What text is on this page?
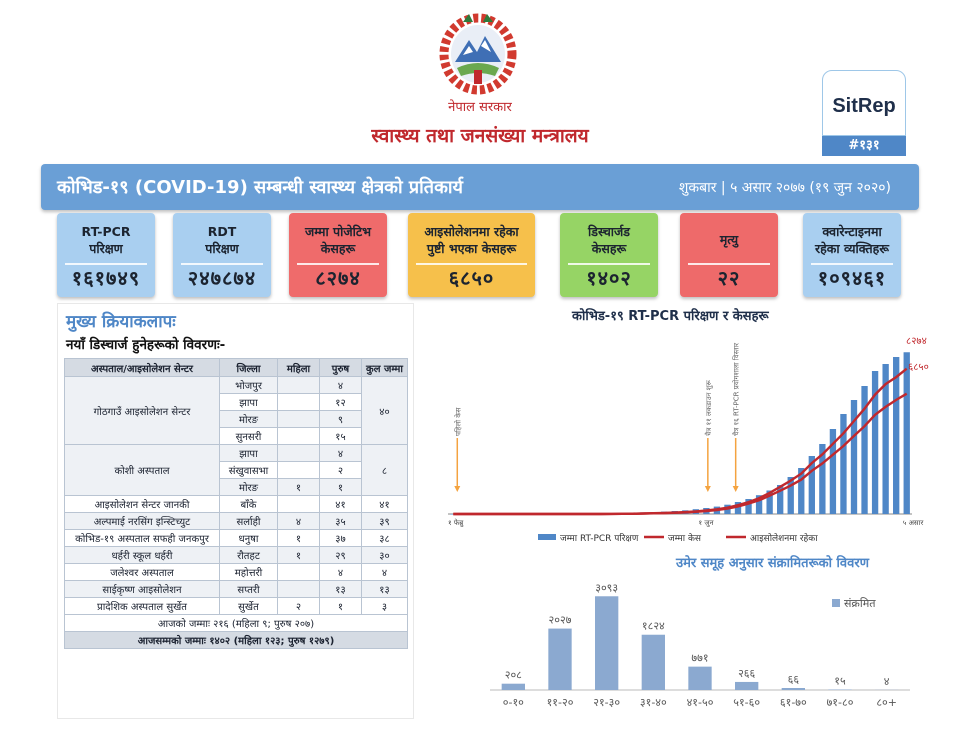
नेपाल सरकार
स्वास्थ्य तथा जनसंख्या मन्त्रालय
SitRep
#१३१
कोभिड-१९ (COVID-19) सम्बन्धी स्वास्थ्य क्षेत्रको प्रतिकार्य	शुकबार | ५ असार २०७७ (१९ जुन २०२०)
RT-PCR
परिक्षण
१६१७४९
RDT
परिक्षण
२४७८७४
जम्मा पोजेटिभ
केसहरू
८२७४
आइसोलेशनमा रहेका
पुष्टी भएका केसहरू
६८५०
डिस्चार्जड
केसहरू
१४०२
मृत्यु
२२
क्वारेन्टाइनमा
रहेका व्यक्तिहरू
१०९४६१
मुख्य क्रियाकलापः
नयाँ डिस्चार्ज हुनेहरूको विवरणः-
अस्पताल/आइसोलेशन सेन्टर	जिल्ला	महिला	पुरुष	कुल जम्मा
गोठगाउँ आइसोलेशन सेन्टर	भोजपुर		४	४०
	झापा		१२	
	मोरङ		९	
	सुनसरी		१५	
कोशी अस्पताल	झापा		४	८
	संखुवासभा		२	
	मोरङ	१	१	
आइसोलेशन सेन्टर जानकी	बाँके		४१	४१
अल्पमाई नरसिंग इन्स्टिच्युट	सर्लाही	४	३५	३९
कोभिड-१९ अस्पताल सफही जनकपुर	धनुषा	१	३७	३८
धर्हरी स्कूल धर्हरी	रौतहट	१	२९	३०
जलेश्वर अस्पताल	महोत्तरी		४	४
साईकृष्ण आइसोलेशन	सप्तरी		१३	१३
प्रादेशिक अस्पताल सुर्खेत	सुर्खेत	२	१	३
आजको जम्माः २१६ (महिला ९; पुरुष २०७)				
आजसम्मको जम्माः १४०२ (महिला १२३; पुरुष १२७९)				
कोभिड-१९ RT-PCR परिक्षण र केसहरू
पहिलो केस	चैत्र ११ लकडाउन शुरू	चैत्र १६ RT-PCR प्रयोगशाला विस्तार
८२७४
६८५०
१ फेब्रु	१ जुन	५ असार
जम्मा RT-PCR परिक्षण	जम्मा केस	आइसोलेशनमा रहेका
उमेर समूह अनुसार संक्रामितरूको विवरण
२०८
०-१०
२०२७
११-२०
३०९३
२१-३०
१८२४
३१-४०
७७१
४१-५०
२६६
५१-६०
६६
६१-७०
१५
७१-८०
४
८०+
संक्रमित
